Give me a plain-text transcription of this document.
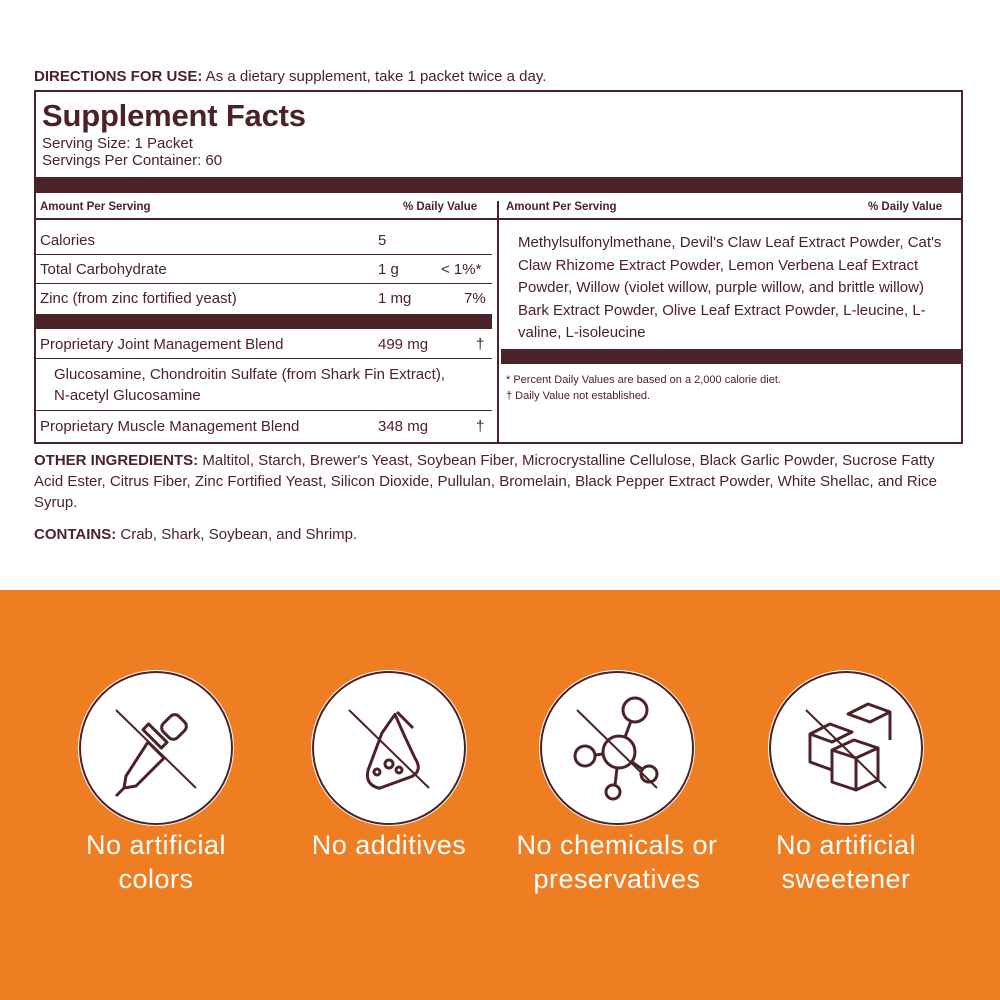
DIRECTIONS FOR USE: As a dietary supplement, take 1 packet twice a day.
Supplement Facts
Serving Size: 1 Packet
Servings Per Container: 60
Amount Per Serving	% Daily Value	Amount Per Serving	% Daily Value
Calories	5
Total Carbohydrate	1 g	< 1%*
Zinc (from zinc fortified yeast)	1 mg	7%
Proprietary Joint Management Blend	499 mg	†
Glucosamine, Chondroitin Sulfate (from Shark Fin Extract),
N-acetyl Glucosamine
Proprietary Muscle Management Blend	348 mg	†
Methylsulfonylmethane, Devil's Claw Leaf Extract Powder, Cat's Claw Rhizome Extract Powder, Lemon Verbena Leaf Extract Powder, Willow (violet willow, purple willow, and brittle willow) Bark Extract Powder, Olive Leaf Extract Powder, L-leucine, L-valine, L-isoleucine
* Percent Daily Values are based on a 2,000 calorie diet.
† Daily Value not established.
OTHER INGREDIENTS: Maltitol, Starch, Brewer's Yeast, Soybean Fiber, Microcrystalline Cellulose, Black Garlic Powder, Sucrose Fatty Acid Ester, Citrus Fiber, Zinc Fortified Yeast, Silicon Dioxide, Pullulan, Bromelain, Black Pepper Extract Powder, White Shellac, and Rice Syrup.
CONTAINS: Crab, Shark, Soybean, and Shrimp.
No artificial
colors
No additives	No chemicals or
preservatives
No artificial
sweetener
